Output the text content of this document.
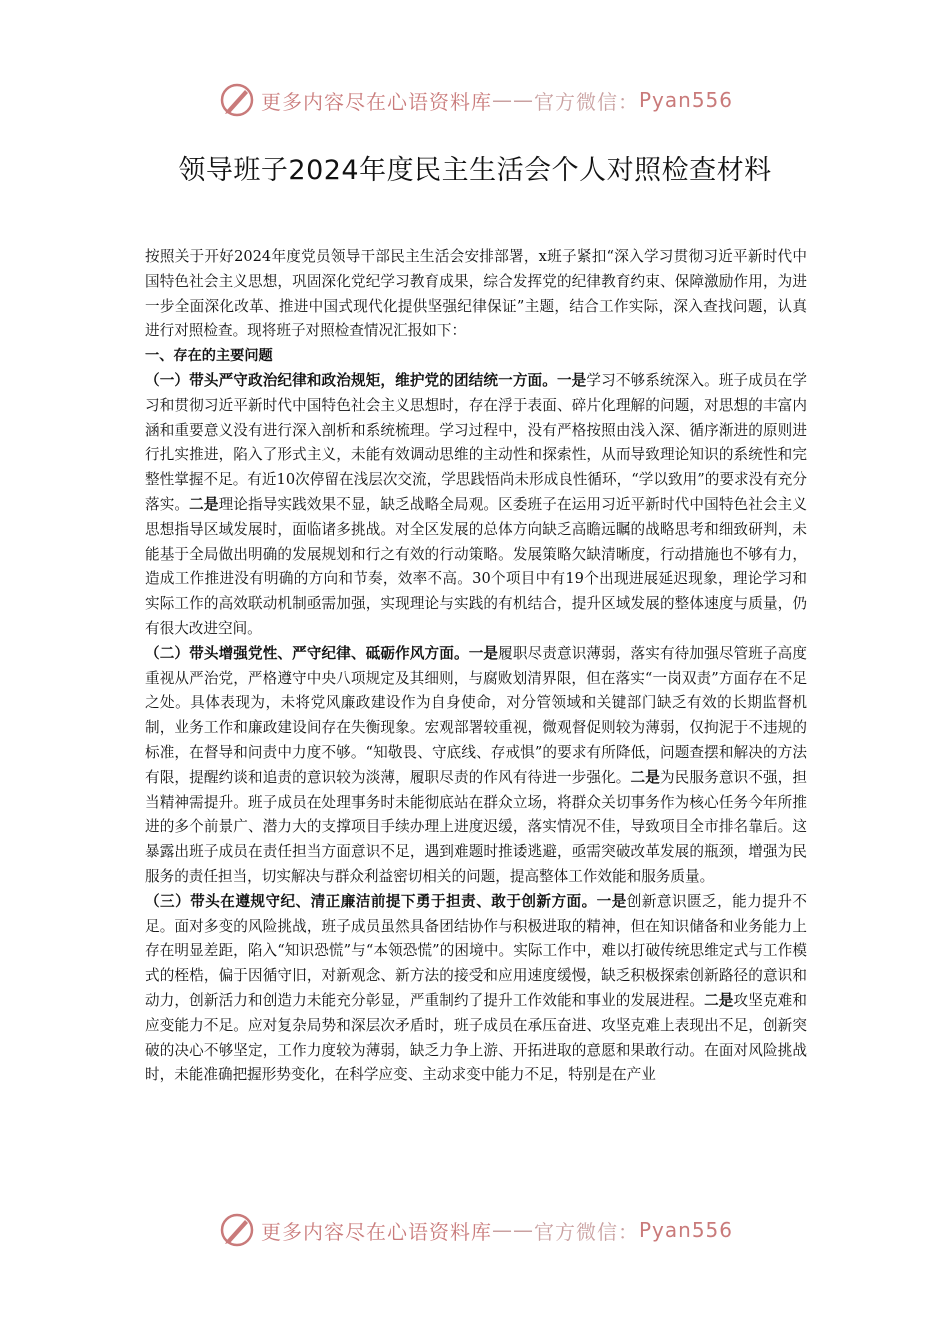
更多内容尽在心语资料库 —— 官方微信： Pyan556
领导班子2024年度民主生活会个人对照检查材料

按照关于开好2024年度党员领导干部民主生活会安排部署，x班子紧扣“深入学习贯彻习近平新时代中国特色社会主义思想，巩固深化党纪学习教育成果，综合发挥党的纪律教育约束、保障激励作用，为进一步全面深化改革、推进中国式现代化提供坚强纪律保证”主题，结合工作实际，深入查找问题，认真进行对照检查。现将班子对照检查情况汇报如下：

一、存在的主要问题

（一）带头严守政治纪律和政治规矩，维护党的团结统一方面。一是学习不够系统深入。班子成员在学习和贯彻习近平新时代中国特色社会主义思想时，存在浮于表面、碎片化理解的问题，对思想的丰富内涵和重要意义没有进行深入剖析和系统梳理。学习过程中，没有严格按照由浅入深、循序渐进的原则进行扎实推进，陷入了形式主义，未能有效调动思维的主动性和探索性，从而导致理论知识的系统性和完整性掌握不足。有近10次停留在浅层次交流，学思践悟尚未形成良性循环，“学以致用”的要求没有充分落实。二是理论指导实践效果不显，缺乏战略全局观。区委班子在运用习近平新时代中国特色社会主义思想指导区域发展时，面临诸多挑战。对全区发展的总体方向缺乏高瞻远瞩的战略思考和细致研判，未能基于全局做出明确的发展规划和行之有效的行动策略。发展策略欠缺清晰度，行动措施也不够有力，造成工作推进没有明确的方向和节奏，效率不高。30个项目中有19个出现进展延迟现象，理论学习和实际工作的高效联动机制亟需加强，实现理论与实践的有机结合，提升区域发展的整体速度与质量，仍有很大改进空间。

（二）带头增强党性、严守纪律、砥砺作风方面。一是履职尽责意识薄弱，落实有待加强尽管班子高度重视从严治党，严格遵守中央八项规定及其细则，与腐败划清界限，但在落实“一岗双责”方面存在不足之处。具体表现为，未将党风廉政建设作为自身使命，对分管领域和关键部门缺乏有效的长期监督机制，业务工作和廉政建设间存在失衡现象。宏观部署较重视，微观督促则较为薄弱，仅拘泥于不违规的标准，在督导和问责中力度不够。“知敬畏、守底线、存戒惧”的要求有所降低，问题查摆和解决的方法有限，提醒约谈和追责的意识较为淡薄，履职尽责的作风有待进一步强化。二是为民服务意识不强，担当精神需提升。班子成员在处理事务时未能彻底站在群众立场，将群众关切事务作为核心任务今年所推进的多个前景广、潜力大的支撑项目手续办理上进度迟缓，落实情况不佳，导致项目全市排名靠后。这暴露出班子成员在责任担当方面意识不足，遇到难题时推诿逃避，亟需突破改革发展的瓶颈，增强为民服务的责任担当，切实解决与群众利益密切相关的问题，提高整体工作效能和服务质量。

（三）带头在遵规守纪、清正廉洁前提下勇于担责、敢于创新方面。一是创新意识匮乏，能力提升不足。面对多变的风险挑战，班子成员虽然具备团结协作与积极进取的精神，但在知识储备和业务能力上存在明显差距，陷入“知识恐慌”与“本领恐慌”的困境中。实际工作中，难以打破传统思维定式与工作模式的桎梏，偏于因循守旧，对新观念、新方法的接受和应用速度缓慢，缺乏积极探索创新路径的意识和动力，创新活力和创造力未能充分彰显，严重制约了提升工作效能和事业的发展进程。二是攻坚克难和应变能力不足。应对复杂局势和深层次矛盾时，班子成员在承压奋进、攻坚克难上表现出不足，创新突破的决心不够坚定，工作力度较为薄弱，缺乏力争上游、开拓进取的意愿和果敢行动。在面对风险挑战时，未能准确把握形势变化，在科学应变、主动求变中能力不足，特别是在产业

更多内容尽在心语资料库 —— 官方微信： Pyan556
